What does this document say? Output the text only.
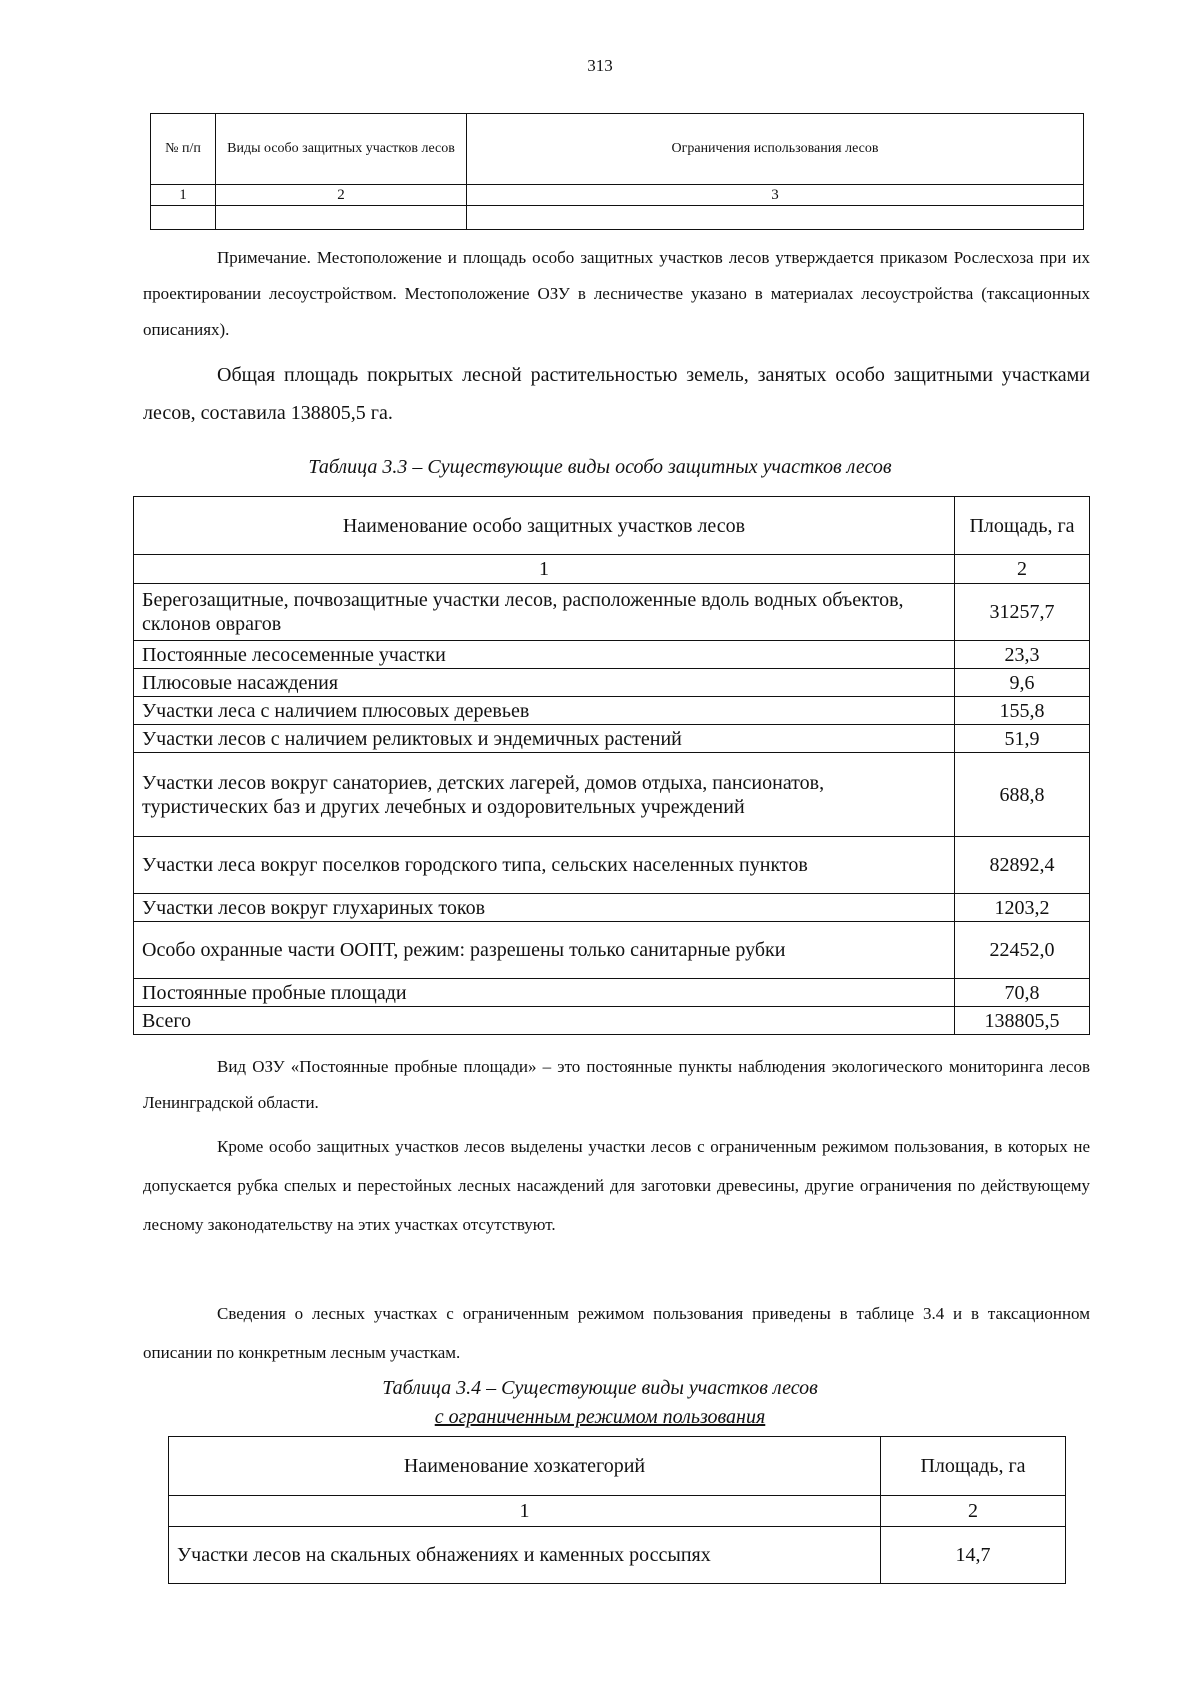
313
№ п/п	Виды особо защитных участков лесов	Ограничения использования лесов
1	2	3

Примечание. Местоположение и площадь особо защитных участков лесов утверждается приказом Рослесхоза при их проектировании лесоустройством. Местоположение ОЗУ в лесничестве указано в материалах лесоустройства (таксационных описаниях).

Общая площадь покрытых лесной растительностью земель, занятых особо защитными участками лесов, составила 138805,5 га.

Таблица 3.3 – Существующие виды особо защитных участков лесов

Наименование особо защитных участков лесов	Площадь, га
1	2
Берегозащитные, почвозащитные участки лесов, расположенные вдоль водных объектов, склонов оврагов	31257,7
Постоянные лесосеменные участки	23,3
Плюсовые насаждения	9,6
Участки леса с наличием плюсовых деревьев	155,8
Участки лесов с наличием реликтовых и эндемичных растений	51,9
Участки лесов вокруг санаториев, детских лагерей, домов отдыха, пансионатов, туристических баз и других лечебных и оздоровительных учреждений	688,8
Участки леса вокруг поселков городского типа, сельских населенных пунктов	82892,4
Участки лесов вокруг глухариных токов	1203,2
Особо охранные части ООПТ, режим: разрешены только санитарные рубки	22452,0
Постоянные пробные площади	70,8
Всего	138805,5

Вид ОЗУ «Постоянные пробные площади» – это постоянные пункты наблюдения экологического мониторинга лесов Ленинградской области.

Кроме особо защитных участков лесов выделены участки лесов с ограниченным режимом пользования, в которых не допускается рубка спелых и перестойных лесных насаждений для заготовки древесины, другие ограничения по действующему лесному законодательству на этих участках отсутствуют.

Сведения о лесных участках с ограниченным режимом пользования приведены в таблице 3.4 и в таксационном описании по конкретным лесным участкам.

Таблица 3.4 – Существующие виды участков лесов
с ограниченным режимом пользования

Наименование хозкатегорий	Площадь, га
1	2
Участки лесов на скальных обнажениях и каменных россыпях	14,7
